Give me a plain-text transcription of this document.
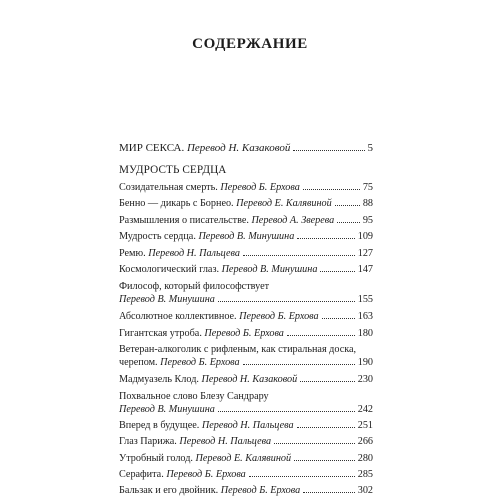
СОДЕРЖАНИЕ
МИР СЕКСА. Перевод Н. Казаковой	5
МУДРОСТЬ СЕРДЦА
Созидательная смерть. Перевод Б. Ерхова	75
Бенно — дикарь с Борнео. Перевод Е. Калявиной	88
Размышления о писательстве. Перевод А. Зверева	95
Мудрость сердца. Перевод В. Минушина	109
Ремю. Перевод Н. Пальцева	127
Космологический глаз. Перевод В. Минушина	147
Философ, который философствует
Перевод В. Минушина	155
Абсолютное коллективное. Перевод Б. Ерхова	163
Гигантская утроба. Перевод Б. Ерхова	180
Ветеран-алкоголик с рифленым, как стиральная доска,
черепом. Перевод Б. Ерхова	190
Мадмуазель Клод. Перевод Н. Казаковой	230
Похвальное слово Блезу Сандрару
Перевод В. Минушина	242
Вперед в будущее. Перевод Н. Пальцева	251
Глаз Парижа. Перевод Н. Пальцева	266
Утробный голод. Перевод Е. Калявиной	280
Серафита. Перевод Б. Ерхова	285
Бальзак и его двойник. Перевод Б. Ерхова	302
